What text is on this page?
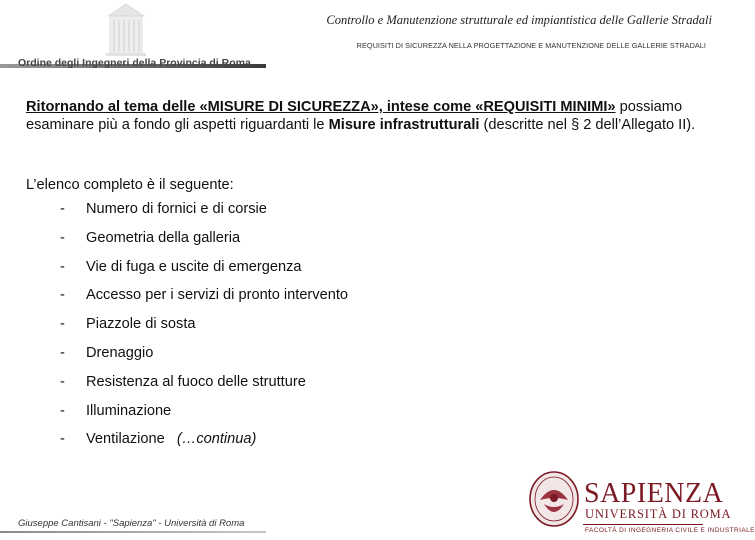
Controllo e Manutenzione strutturale ed impiantistica delle Gallerie Stradali
REQUISITI DI SICUREZZA NELLA PROGETTAZIONE E MANUTENZIONE DELLE GALLERIE STRADALI
Ordine degli Ingegneri della Provincia di Roma
Ritornando al tema delle «MISURE DI SICUREZZA», intese come «REQUISITI MINIMI» possiamo esaminare più a fondo gli aspetti riguardanti le Misure infrastrutturali (descritte nel § 2 dell’Allegato II).
L’elenco completo è il seguente:
- Numero di fornici e di corsie
- Geometria della galleria
- Vie di fuga e uscite di emergenza
- Accesso per i servizi di pronto intervento
- Piazzole di sosta
- Drenaggio
- Resistenza al fuoco delle strutture
- Illuminazione
- Ventilazione (…continua)
Giuseppe Cantisani - "Sapienza" - Università di Roma
SAPIENZA
UNIVERSITÀ DI ROMA
FACOLTÀ DI INGEGNERIA CIVILE E INDUSTRIALE
